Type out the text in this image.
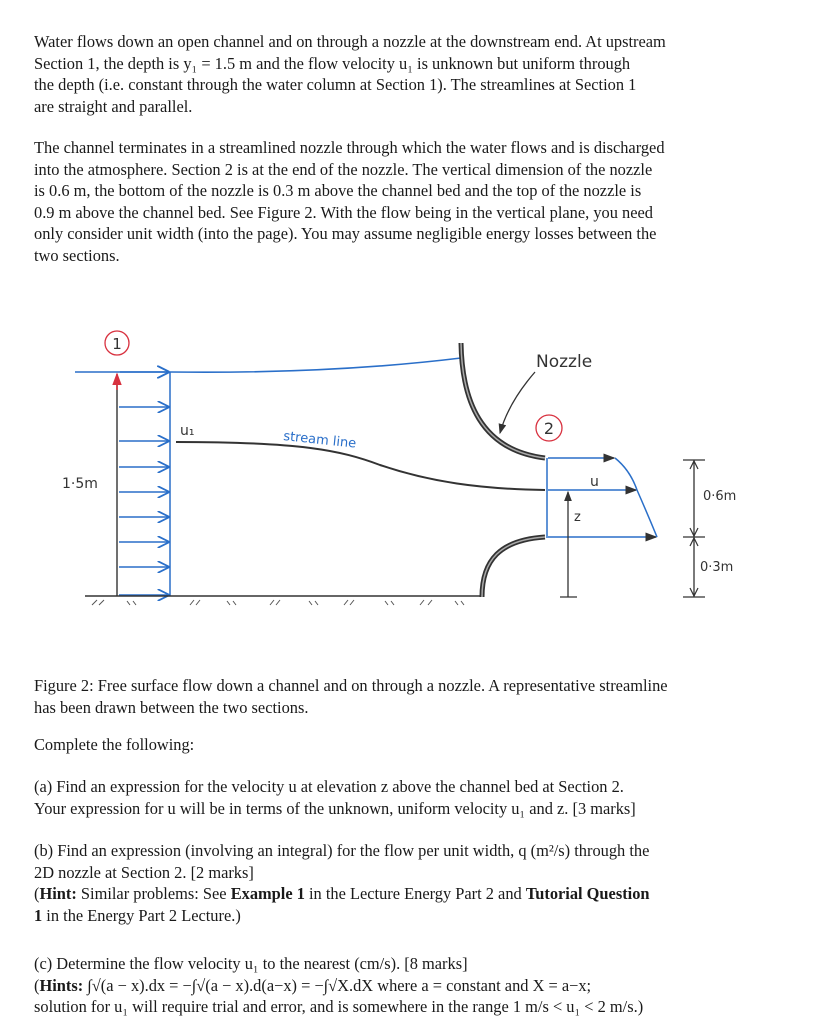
Water flows down an open channel and on through a nozzle at the downstream end. At upstream
Section 1, the depth is y₁ = 1.5 m and the flow velocity u₁ is unknown but uniform through
the depth (i.e. constant through the water column at Section 1). The streamlines at Section 1
are straight and parallel.
The channel terminates in a streamlined nozzle through which the water flows and is discharged
into the atmosphere. Section 2 is at the end of the nozzle. The vertical dimension of the nozzle
is 0.6 m, the bottom of the nozzle is 0.3 m above the channel bed and the top of the nozzle is
0.9 m above the channel bed. See Figure 2. With the flow being in the vertical plane, you need
only consider unit width (into the page). You may assume negligible energy losses between the
two sections.
1
2
Nozzle
u₁	stream line
1·5m	u
z
0·6m
0·3m
Figure 2: Free surface flow down a channel and on through a nozzle. A representative streamline
has been drawn between the two sections.
Complete the following:
(a) Find an expression for the velocity u at elevation z above the channel bed at Section 2.
Your expression for u will be in terms of the unknown, uniform velocity u₁ and z. [3 marks]
(b) Find an expression (involving an integral) for the flow per unit width, q (m²/s) through the
2D nozzle at Section 2. [2 marks]
(Hint: Similar problems: See Example 1 in the Lecture Energy Part 2 and Tutorial Question
1 in the Energy Part 2 Lecture.)
(c) Determine the flow velocity u₁ to the nearest (cm/s). [8 marks]
(Hints: ∫√(a − x).dx = −∫√(a − x).d(a−x) = −∫√X.dX where a = constant and X = a−x;
solution for u₁ will require trial and error, and is somewhere in the range 1 m/s < u₁ < 2 m/s.)
